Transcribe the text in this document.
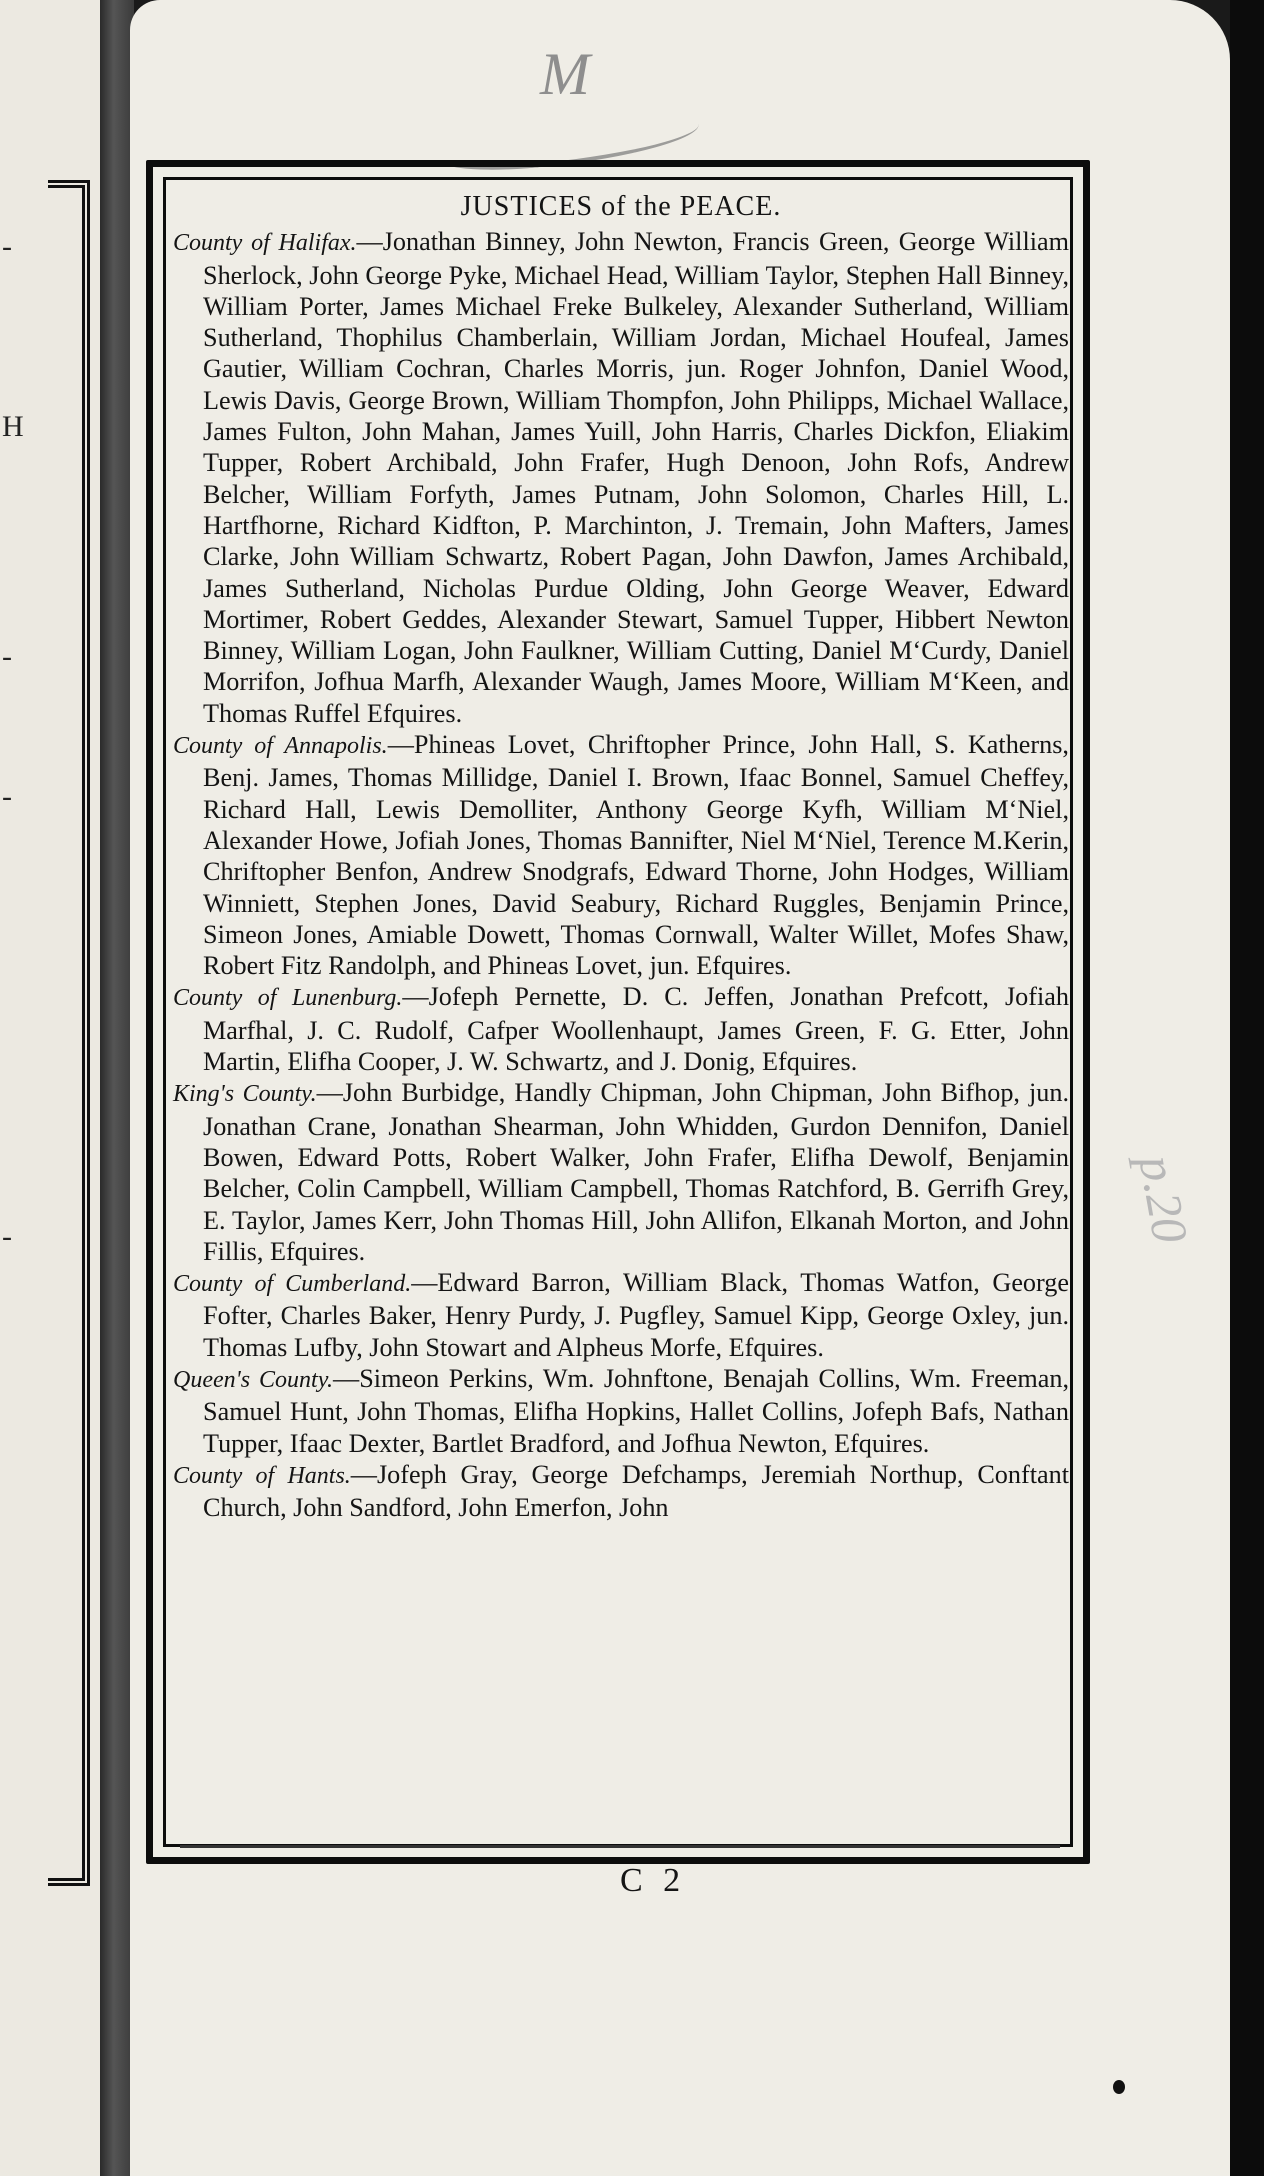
-
H
-
-
-
M
p.20
JUSTICES of the PEACE.
County of Halifax.—Jonathan Binney, John Newton, Francis Green, George William Sherlock, John George Pyke, Michael Head, William Taylor, Stephen Hall Binney, William Porter, James Michael Freke Bulkeley, Alexander Sutherland, William Sutherland, Thophilus Chamberlain, William Jordan, Michael Houfeal, James Gautier, William Cochran, Charles Morris, jun. Roger Johnfon, Daniel Wood, Lewis Davis, George Brown, William Thompfon, John Philipps, Michael Wallace, James Fulton, John Mahan, James Yuill, John Harris, Charles Dickfon, Eliakim Tupper, Robert Archibald, John Frafer, Hugh Denoon, John Rofs, Andrew Belcher, William Forfyth, James Putnam, John Solomon, Charles Hill, L. Hartfhorne, Richard Kidfton, P. Marchinton, J. Tremain, John Mafters, James Clarke, John William Schwartz, Robert Pagan, John Dawfon, James Archibald, James Sutherland, Nicholas Purdue Olding, John George Weaver, Edward Mortimer, Robert Geddes, Alexander Stewart, Samuel Tupper, Hibbert Newton Binney, William Logan, John Faulkner, William Cutting, Daniel M‘Curdy, Daniel Morrifon, Jofhua Marfh, Alexander Waugh, James Moore, William M‘Keen, and Thomas Ruffel Efquires.
County of Annapolis.—Phineas Lovet, Chriftopher Prince, John Hall, S. Katherns, Benj. James, Thomas Millidge, Daniel I. Brown, Ifaac Bonnel, Samuel Cheffey, Richard Hall, Lewis Demolliter, Anthony George Kyfh, William M‘Niel, Alexander Howe, Jofiah Jones, Thomas Bannifter, Niel M‘Niel, Terence M.Kerin, Chriftopher Benfon, Andrew Snodgrafs, Edward Thorne, John Hodges, William Winniett, Stephen Jones, David Seabury, Richard Ruggles, Benjamin Prince, Simeon Jones, Amiable Dowett, Thomas Cornwall, Walter Willet, Mofes Shaw, Robert Fitz Randolph, and Phineas Lovet, jun. Efquires.
County of Lunenburg.—Jofeph Pernette, D. C. Jeffen, Jonathan Prefcott, Jofiah Marfhal, J. C. Rudolf, Cafper Woollenhaupt, James Green, F. G. Etter, John Martin, Elifha Cooper, J. W. Schwartz, and J. Donig, Efquires.
King's County.—John Burbidge, Handly Chipman, John Chipman, John Bifhop, jun. Jonathan Crane, Jonathan Shearman, John Whidden, Gurdon Dennifon, Daniel Bowen, Edward Potts, Robert Walker, John Frafer, Elifha Dewolf, Benjamin Belcher, Colin Campbell, William Campbell, Thomas Ratchford, B. Gerrifh Grey, E. Taylor, James Kerr, John Thomas Hill, John Allifon, Elkanah Morton, and John Fillis, Efquires.
County of Cumberland.—Edward Barron, William Black, Thomas Watfon, George Fofter, Charles Baker, Henry Purdy, J. Pugfley, Samuel Kipp, George Oxley, jun. Thomas Lufby, John Stowart and Alpheus Morfe, Efquires.
Queen's County.—Simeon Perkins, Wm. Johnftone, Benajah Collins, Wm. Freeman, Samuel Hunt, John Thomas, Elifha Hopkins, Hallet Collins, Jofeph Bafs, Nathan Tupper, Ifaac Dexter, Bartlet Bradford, and Jofhua Newton, Efquires.
County of Hants.—Jofeph Gray, George Defchamps, Jeremiah Northup, Conftant Church, John Sandford, John Emerfon, John
C 2
